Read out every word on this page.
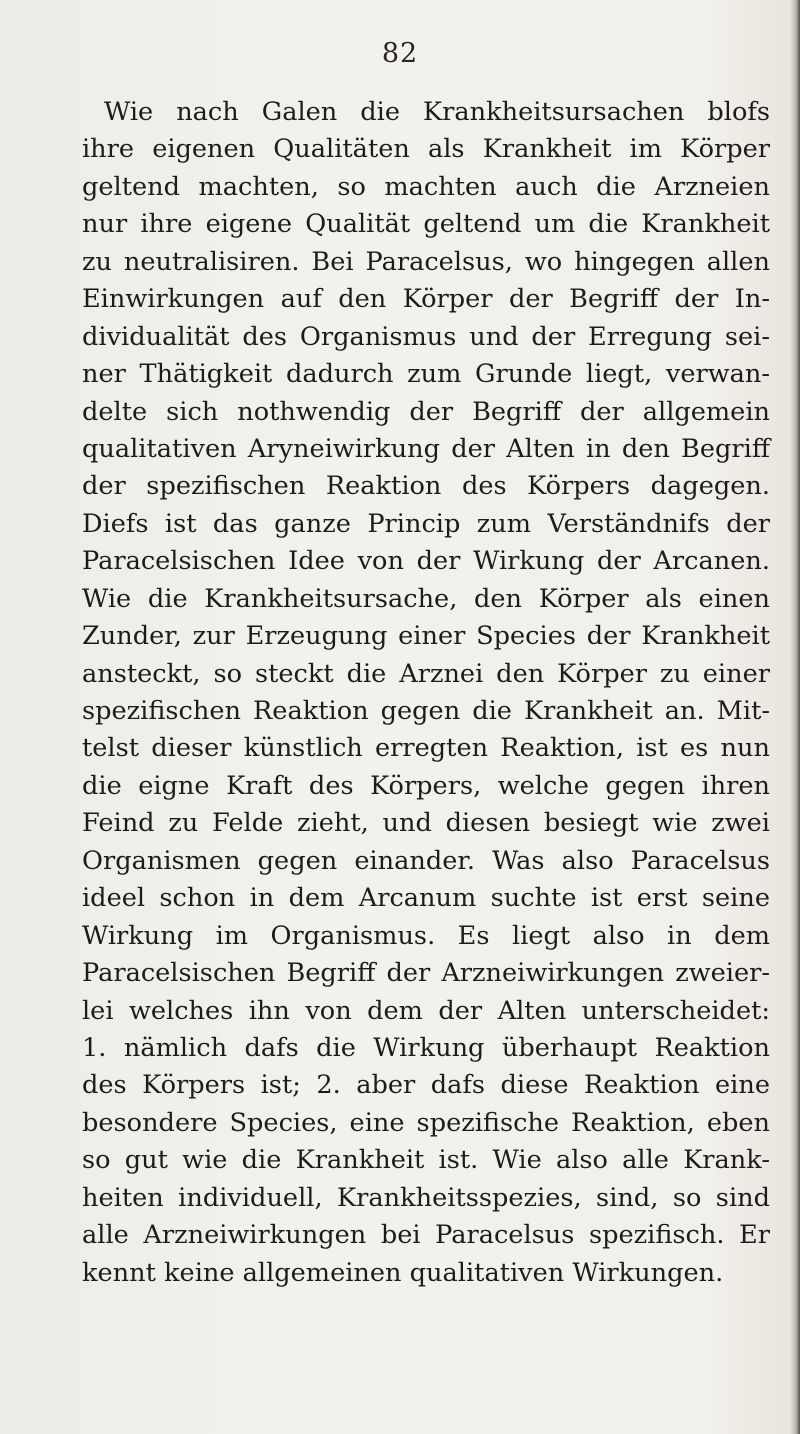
82
Wie nach Galen die Krankheitsursachen blofs
ihre eigenen Qualitäten als Krankheit im Körper
geltend machten, so machten auch die Arzneien
nur ihre eigene Qualität geltend um die Krankheit
zu neutralisiren. Bei Paracelsus, wo hingegen allen
Einwirkungen auf den Körper der Begriff der In-
dividualität des Organismus und der Erregung sei-
ner Thätigkeit dadurch zum Grunde liegt, verwan-
delte sich nothwendig der Begriff der allgemein
qualitativen Aryneiwirkung der Alten in den Begriff
der spezifischen Reaktion des Körpers dagegen.
Diefs ist das ganze Princip zum Verständnifs der
Paracelsischen Idee von der Wirkung der Arcanen.
Wie die Krankheitsursache, den Körper als einen
Zunder, zur Erzeugung einer Species der Krankheit
ansteckt, so steckt die Arznei den Körper zu einer
spezifischen Reaktion gegen die Krankheit an. Mit-
telst dieser künstlich erregten Reaktion, ist es nun
die eigne Kraft des Körpers, welche gegen ihren
Feind zu Felde zieht, und diesen besiegt wie zwei
Organismen gegen einander. Was also Paracelsus
ideel schon in dem Arcanum suchte ist erst seine
Wirkung im Organismus. Es liegt also in dem
Paracelsischen Begriff der Arzneiwirkungen zweier-
lei welches ihn von dem der Alten unterscheidet:
1. nämlich dafs die Wirkung überhaupt Reaktion
des Körpers ist; 2. aber dafs diese Reaktion eine
besondere Species, eine spezifische Reaktion, eben
so gut wie die Krankheit ist. Wie also alle Krank-
heiten individuell, Krankheitsspezies, sind, so sind
alle Arzneiwirkungen bei Paracelsus spezifisch. Er
kennt keine allgemeinen qualitativen Wirkungen.
